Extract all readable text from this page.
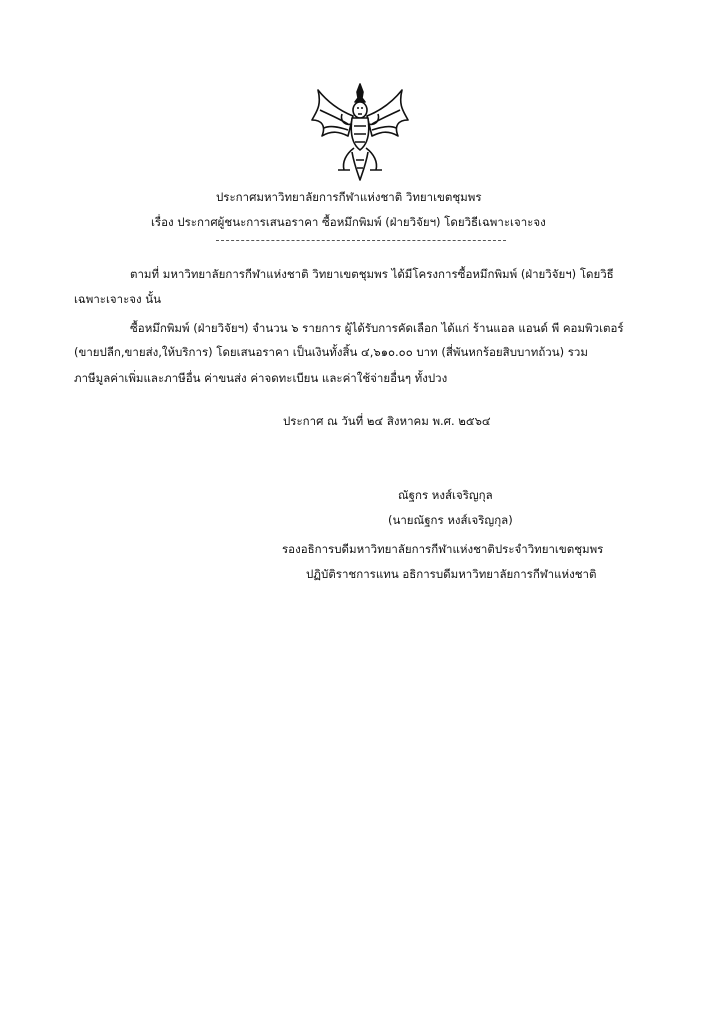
ประกาศมหาวิทยาลัยการกีฬาแห่งชาติ วิทยาเขตชุมพร
เรื่อง ประกาศผู้ชนะการเสนอราคา ซื้อหมึกพิมพ์ (ฝ่ายวิจัยฯ) โดยวิธีเฉพาะเจาะจง
ตามที่ มหาวิทยาลัยการกีฬาแห่งชาติ วิทยาเขตชุมพร ได้มีโครงการซื้อหมึกพิมพ์ (ฝ่ายวิจัยฯ) โดยวิธี
เฉพาะเจาะจง นั้น
ซื้อหมึกพิมพ์ (ฝ่ายวิจัยฯ) จำนวน ๖ รายการ ผู้ได้รับการคัดเลือก ได้แก่ ร้านแอล แอนด์ พี คอมพิวเตอร์
(ขายปลีก,ขายส่ง,ให้บริการ) โดยเสนอราคา เป็นเงินทั้งสิ้น ๔,๖๑๐.๐๐ บาท (สี่พันหกร้อยสิบบาทถ้วน) รวม
ภาษีมูลค่าเพิ่มและภาษีอื่น ค่าขนส่ง ค่าจดทะเบียน และค่าใช้จ่ายอื่นๆ ทั้งปวง
ประกาศ ณ วันที่ ๒๔ สิงหาคม พ.ศ. ๒๕๖๔
ณัฐกร หงส์เจริญกุล
(นายณัฐกร หงส์เจริญกุล)
รองอธิการบดีมหาวิทยาลัยการกีฬาแห่งชาติประจำวิทยาเขตชุมพร
ปฏิบัติราชการแทน อธิการบดีมหาวิทยาลัยการกีฬาแห่งชาติ
